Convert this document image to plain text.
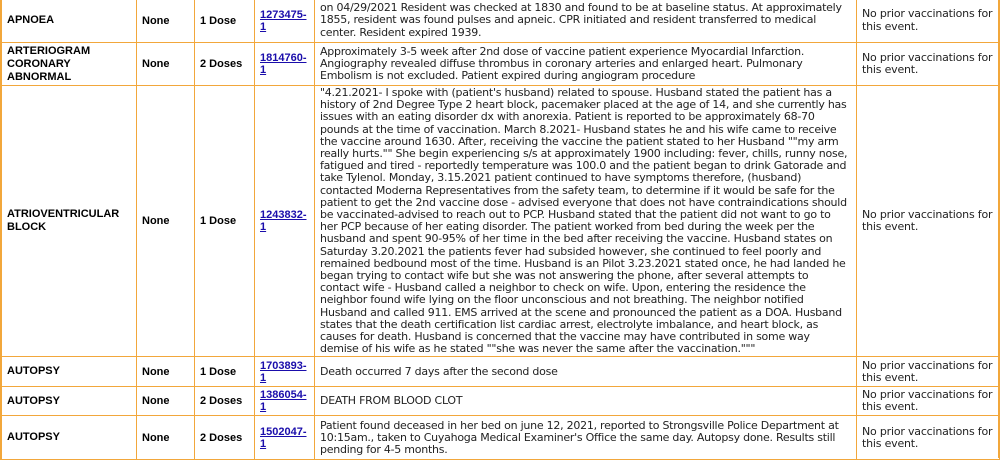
APNOEA	None	1 Dose	1273475-1	on 04/29/2021 Resident was checked at 1830 and found to be at baseline status. At approximately 1855, resident was found pulses and apneic. CPR initiated and resident transferred to medical center. Resident expired 1939.	No prior vaccinations for this event.
ARTERIOGRAM CORONARY ABNORMAL	None	2 Doses	1814760-1	Approximately 3-5 week after 2nd dose of vaccine patient experience Myocardial Infarction. Angiography revealed diffuse thrombus in coronary arteries and enlarged heart. Pulmonary Embolism is not excluded. Patient expired during angiogram procedure	No prior vaccinations for this event.
ATRIOVENTRICULAR BLOCK	None	1 Dose	1243832-1	"4.21.2021- I spoke with (patient's husband) related to spouse. Husband stated the patient has a history of 2nd Degree Type 2 heart block, pacemaker placed at the age of 14, and she currently has issues with an eating disorder dx with anorexia. Patient is reported to be approximately 68-70 pounds at the time of vaccination. March 8.2021- Husband states he and his wife came to receive the vaccine around 1630. After, receiving the vaccine the patient stated to her Husband ""my arm really hurts."" She begin experiencing s/s at approximately 1900 including: fever, chills, runny nose, fatigued and tired - reportedly temperature was 100.0 and the patient began to drink Gatorade and take Tylenol. Monday, 3.15.2021 patient continued to have symptoms therefore, (husband) contacted Moderna Representatives from the safety team, to determine if it would be safe for the patient to get the 2nd vaccine dose - advised everyone that does not have contraindications should be vaccinated-advised to reach out to PCP. Husband stated that the patient did not want to go to her PCP because of her eating disorder. The patient worked from bed during the week per the husband and spent 90-95% of her time in the bed after receiving the vaccine. Husband states on Saturday 3.20.2021 the patients fever had subsided however, she continued to feel poorly and remained bedbound most of the time. Husband is an Pilot 3.23.2021 stated once, he had landed he began trying to contact wife but she was not answering the phone, after several attempts to contact wife - Husband called a neighbor to check on wife. Upon, entering the residence the neighbor found wife lying on the floor unconscious and not breathing. The neighbor notified Husband and called 911. EMS arrived at the scene and pronounced the patient as a DOA. Husband states that the death certification list cardiac arrest, electrolyte imbalance, and heart block, as causes for death. Husband is concerned that the vaccine may have contributed in some way demise of his wife as he stated ""she was never the same after the vaccination."""	No prior vaccinations for this event.
AUTOPSY	None	1 Dose	1703893-1	Death occurred 7 days after the second dose	No prior vaccinations for this event.
AUTOPSY	None	2 Doses	1386054-1	DEATH FROM BLOOD CLOT	No prior vaccinations for this event.
AUTOPSY	None	2 Doses	1502047-1	Patient found deceased in her bed on june 12, 2021, reported to Strongsville Police Department at 10:15am., taken to Cuyahoga Medical Examiner's Office the same day. Autopsy done. Results still pending for 4-5 months.	No prior vaccinations for this event.
